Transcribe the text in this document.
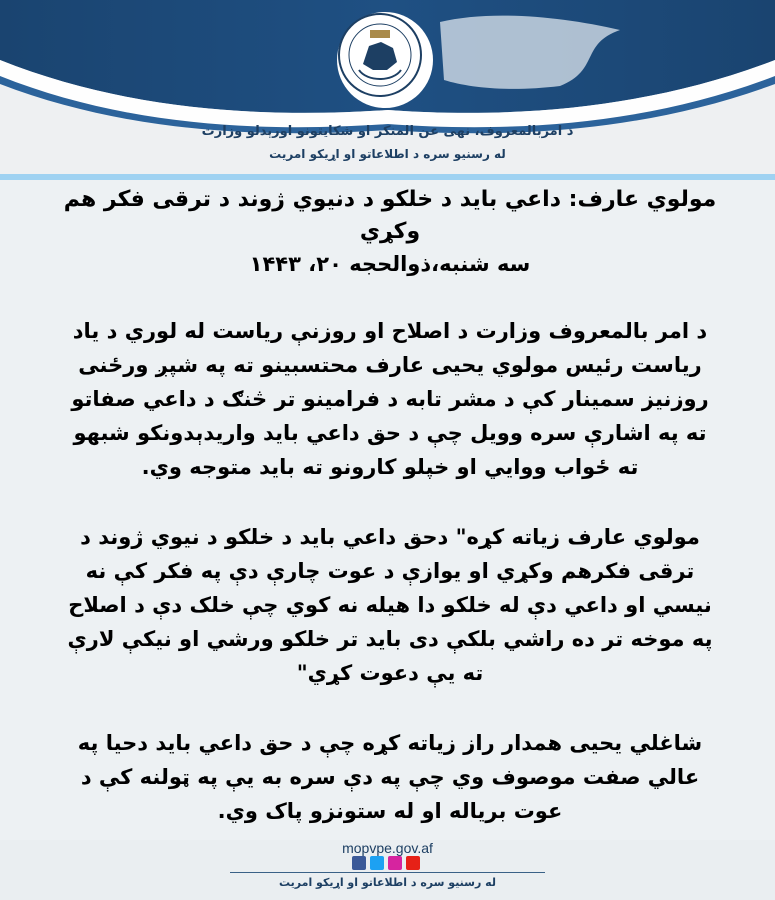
د امربالمعروف، نهی عن المنکر او شکایتونو اورېدلو وزارت
له رسنيو سره د اطلاعاتو او اړيکو امريت
مولوي عارف: داعي باید د خلکو د دنيوي ژوند د ترقی فکر هم وکړي
سه شنبه،ذوالحجه ۲۰، ۱۴۴۳
د امر بالمعروف وزارت د اصلاح او روزنې رياست له لوري د ياد رياست رئيس مولوي يحيى عارف محتسبينو ته په شپږ ورځنی روزنيز سمينار کې د مشر تابه د فرامينو تر څنګ د داعي صفاتو ته په اشارې سره وويل چې د حق داعي بايد واريدېدونکو شبهو ته ځواب ووايي او خپلو کارونو ته بايد متوجه وي.
مولوي عارف زياته کړه" دحق داعي بايد د خلکو د نيوي ژوند د ترقی فکرهم وکړي او يوازې د عوت چارې دې په فکر کې نه نيسي او داعي دې له خلکو دا هيله نه کوي چې خلک دې د اصلاح په موخه تر ده راشي بلکې دی بايد تر خلکو ورشي او نيکې لارې ته يې دعوت کړي"
شاغلي يحيى همدار راز زياته کړه چې د حق داعي بايد دحيا په عالي صفت موصوف وي چې په دې سره به يې په ټولنه کې د عوت برياله او له ستونزو پاک وي.
mopvpe.gov.af
له رسنيو سره د اطلاعاتو او اړيکو امريت
